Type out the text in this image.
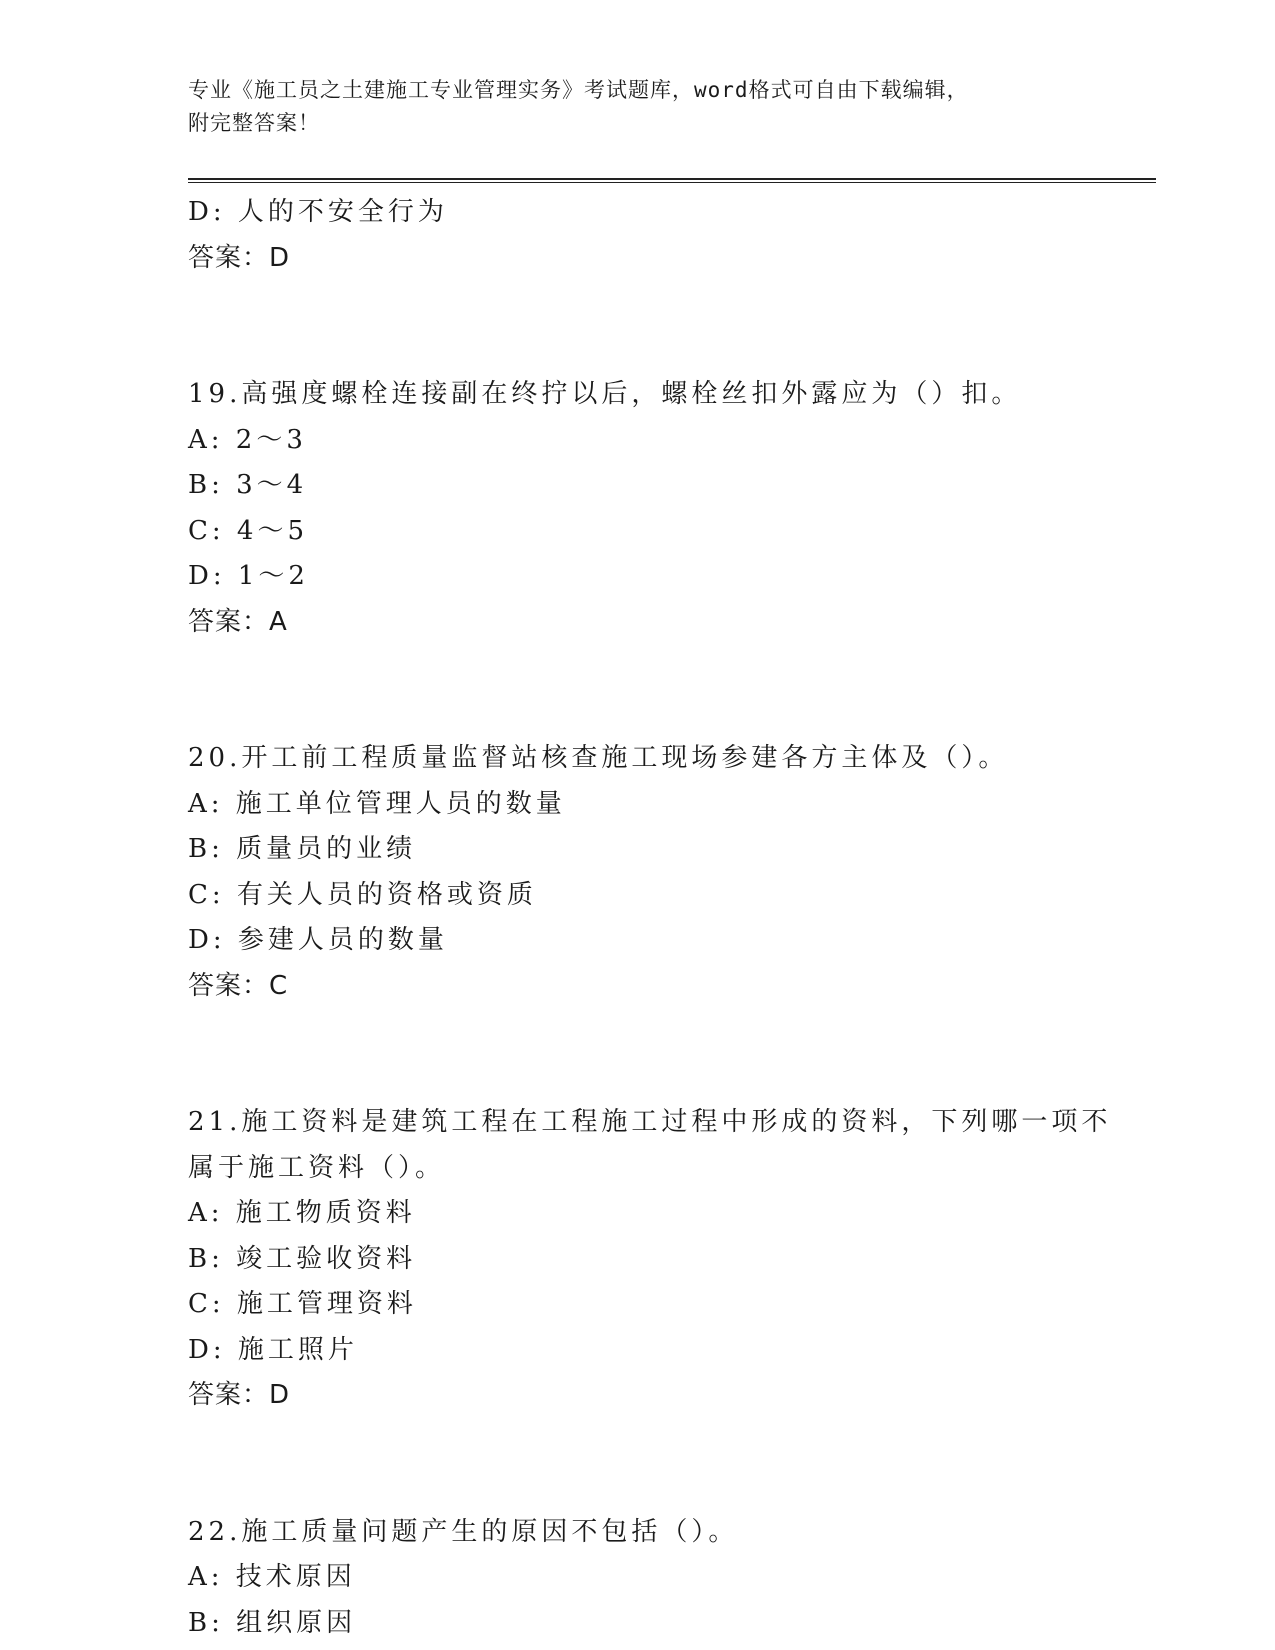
专业《施工员之土建施工专业管理实务》考试题库，word格式可自由下载编辑，
附完整答案！
D: 人的不安全行为
答案：D
19.高强度螺栓连接副在终拧以后，螺栓丝扣外露应为（）扣。
A: 2～3
B: 3～4
C: 4～5
D: 1～2
答案：A
20.开工前工程质量监督站核查施工现场参建各方主体及（）。
A: 施工单位管理人员的数量
B: 质量员的业绩
C: 有关人员的资格或资质
D: 参建人员的数量
答案：C
21.施工资料是建筑工程在工程施工过程中形成的资料，下列哪一项不
属于施工资料（）。
A: 施工物质资料
B: 竣工验收资料
C: 施工管理资料
D: 施工照片
答案：D
22.施工质量问题产生的原因不包括（）。
A: 技术原因
B: 组织原因
